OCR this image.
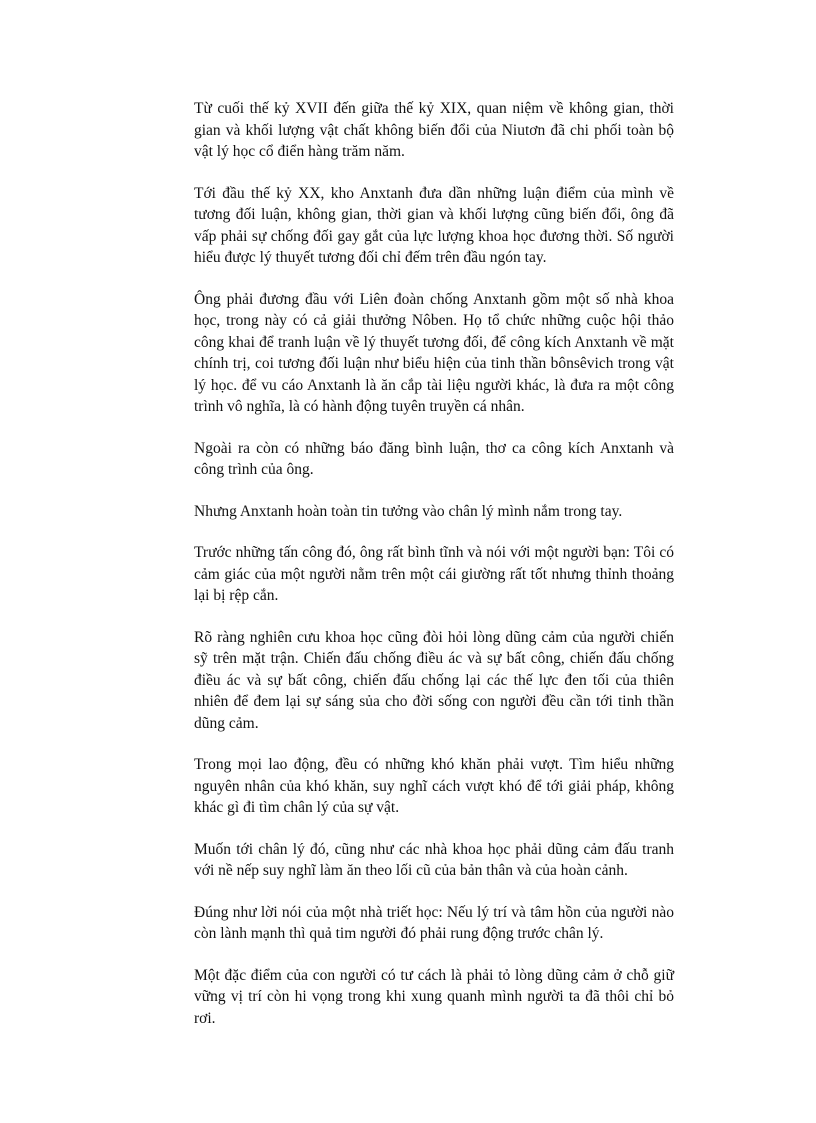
Từ cuối thế kỷ XVII đến giữa thế kỷ XIX, quan niệm về không gian, thời gian và khối lượng vật chất không biến đổi của Niutơn đã chi phối toàn bộ vật lý học cổ điển hàng trăm năm.

Tới đầu thế kỷ XX, kho Anxtanh đưa dần những luận điểm của mình về tương đối luận, không gian, thời gian và khối lượng cũng biến đổi, ông đã vấp phải sự chống đối gay gắt của lực lượng khoa học đương thời. Số người hiểu được lý thuyết tương đối chỉ đếm trên đầu ngón tay.

Ông phải đương đầu với Liên đoàn chống Anxtanh gồm một số nhà khoa học, trong này có cả giải thưởng Nôben. Họ tổ chức những cuộc hội thảo công khai để tranh luận về lý thuyết tương đối, để công kích Anxtanh về mặt chính trị, coi tương đối luận như biểu hiện của tinh thần bônsêvich trong vật lý học. để vu cáo Anxtanh là ăn cắp tài liệu người khác, là đưa ra một công trình vô nghĩa, là có hành động tuyên truyền cá nhân.

Ngoài ra còn có những báo đăng bình luận, thơ ca công kích Anxtanh và công trình của ông.

Nhưng Anxtanh hoàn toàn tin tưởng vào chân lý mình nắm trong tay.

Trước những tấn công đó, ông rất bình tĩnh và nói với một người bạn: Tôi có cảm giác của một người nằm trên một cái giường rất tốt nhưng thỉnh thoảng lại bị rệp cắn.

Rõ ràng nghiên cưu khoa học cũng đòi hỏi lòng dũng cảm của người chiến sỹ trên mặt trận. Chiến đấu chống điều ác và sự bất công, chiến đấu chống điều ác và sự bất công, chiến đấu chống lại các thế lực đen tối của thiên nhiên để đem lại sự sáng sủa cho đời sống con người đều cần tới tinh thần dũng cảm.

Trong mọi lao động, đều có những khó khăn phải vượt. Tìm hiểu những nguyên nhân của khó khăn, suy nghĩ cách vượt khó để tới giải pháp, không khác gì đi tìm chân lý của sự vật.

Muốn tới chân lý đó, cũng như các nhà khoa học phải dũng cảm đấu tranh với nề nếp suy nghĩ làm ăn theo lối cũ của bản thân và của hoàn cảnh.

Đúng như lời nói của một nhà triết học: Nếu lý trí và tâm hồn của người nào còn lành mạnh thì quả tim người đó phải rung động trước chân lý.

Một đặc điểm của con người có tư cách là phải tỏ lòng dũng cảm ở chỗ giữ vững vị trí còn hi vọng trong khi xung quanh mình người ta đã thôi chỉ bỏ rơi.
